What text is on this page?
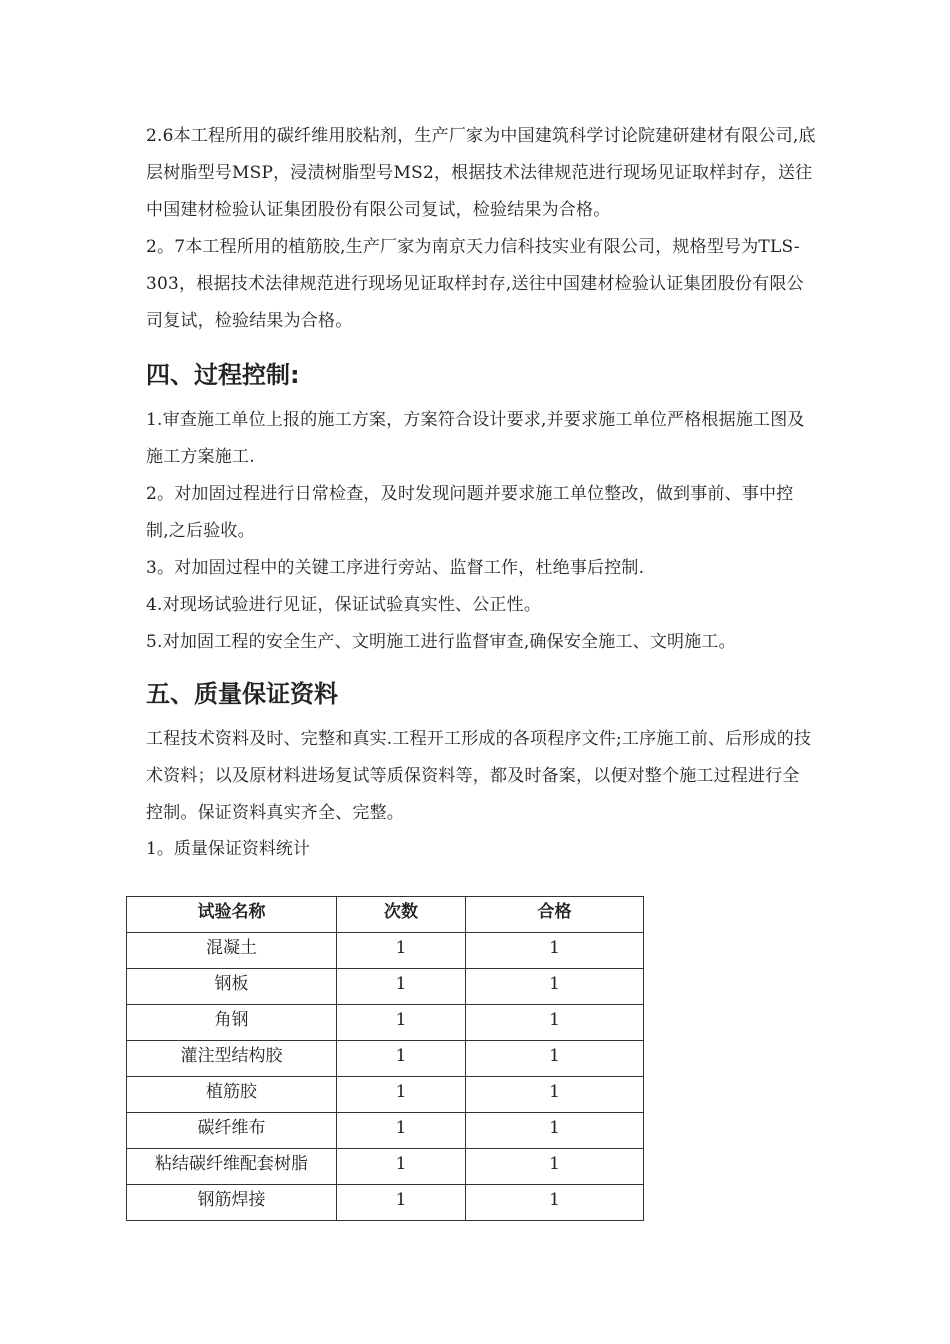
2.6本工程所用的碳纤维用胶粘剂，生产厂家为中国建筑科学讨论院建研建材有限公司,底层树脂型号MSP，浸渍树脂型号MS2，根据技术法律规范进行现场见证取样封存，送往中国建材检验认证集团股份有限公司复试，检验结果为合格。

2。7本工程所用的植筋胶,生产厂家为南京天力信科技实业有限公司，规格型号为TLS-303，根据技术法律规范进行现场见证取样封存,送往中国建材检验认证集团股份有限公司复试，检验结果为合格。

四、过程控制:

1.审查施工单位上报的施工方案，方案符合设计要求,并要求施工单位严格根据施工图及施工方案施工.

2。对加固过程进行日常检查，及时发现问题并要求施工单位整改，做到事前、事中控制,之后验收。

3。对加固过程中的关键工序进行旁站、监督工作，杜绝事后控制.

4.对现场试验进行见证，保证试验真实性、公正性。

5.对加固工程的安全生产、文明施工进行监督审查,确保安全施工、文明施工。

五、质量保证资料

工程技术资料及时、完整和真实.工程开工形成的各项程序文件;工序施工前、后形成的技术资料；以及原材料进场复试等质保资料等，都及时备案，以便对整个施工过程进行全控制。保证资料真实齐全、完整。

1。质量保证资料统计

试验名称	次数	合格
混凝土	1	1
钢板	1	1
角钢	1	1
灌注型结构胶	1	1
植筋胶	1	1
碳纤维布	1	1
粘结碳纤维配套树脂	1	1
钢筋焊接	1	1
